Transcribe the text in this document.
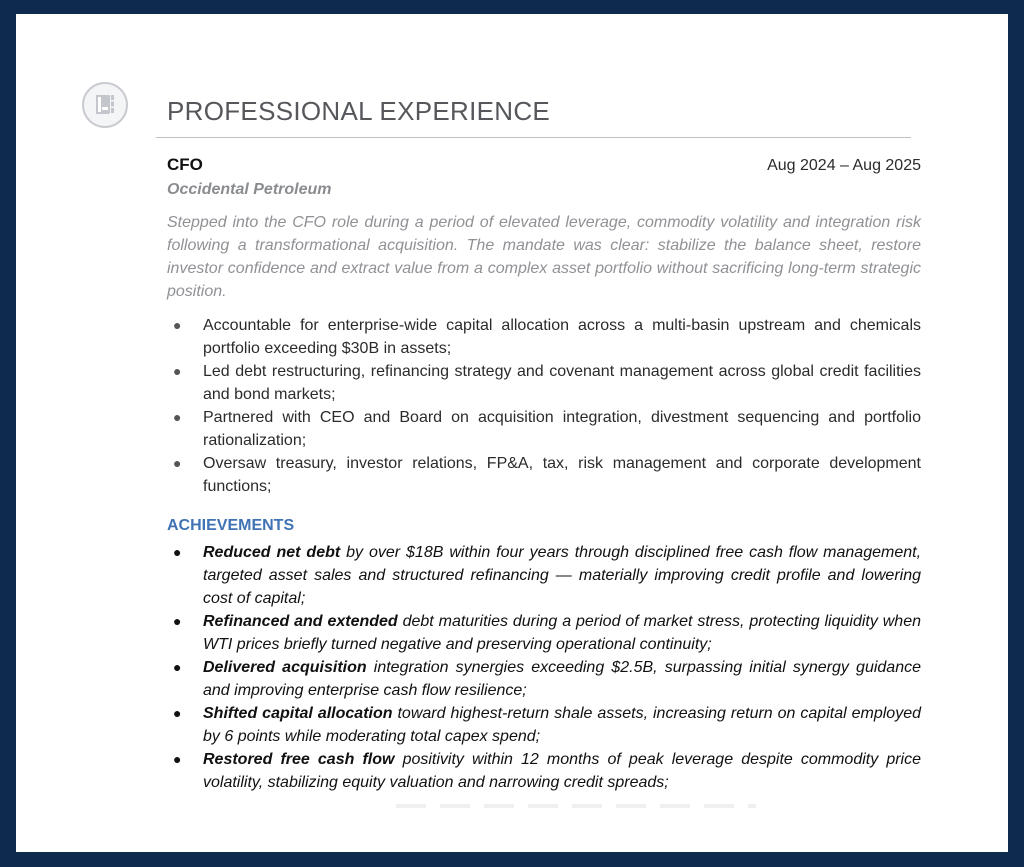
PROFESSIONAL EXPERIENCE
CFO	Aug 2024 – Aug 2025
Occidental Petroleum
Stepped into the CFO role during a period of elevated leverage, commodity volatility and integration risk following a transformational acquisition. The mandate was clear: stabilize the balance sheet, restore investor confidence and extract value from a complex asset portfolio without sacrificing long-term strategic position.
● Accountable for enterprise-wide capital allocation across a multi-basin upstream and chemicals portfolio exceeding $30B in assets;
● Led debt restructuring, refinancing strategy and covenant management across global credit facilities and bond markets;
● Partnered with CEO and Board on acquisition integration, divestment sequencing and portfolio rationalization;
● Oversaw treasury, investor relations, FP&A, tax, risk management and corporate development functions;
ACHIEVEMENTS
● Reduced net debt by over $18B within four years through disciplined free cash flow management, targeted asset sales and structured refinancing — materially improving credit profile and lowering cost of capital;
● Refinanced and extended debt maturities during a period of market stress, protecting liquidity when WTI prices briefly turned negative and preserving operational continuity;
● Delivered acquisition integration synergies exceeding $2.5B, surpassing initial synergy guidance and improving enterprise cash flow resilience;
● Shifted capital allocation toward highest-return shale assets, increasing return on capital employed by 6 points while moderating total capex spend;
● Restored free cash flow positivity within 12 months of peak leverage despite commodity price volatility, stabilizing equity valuation and narrowing credit spreads;
